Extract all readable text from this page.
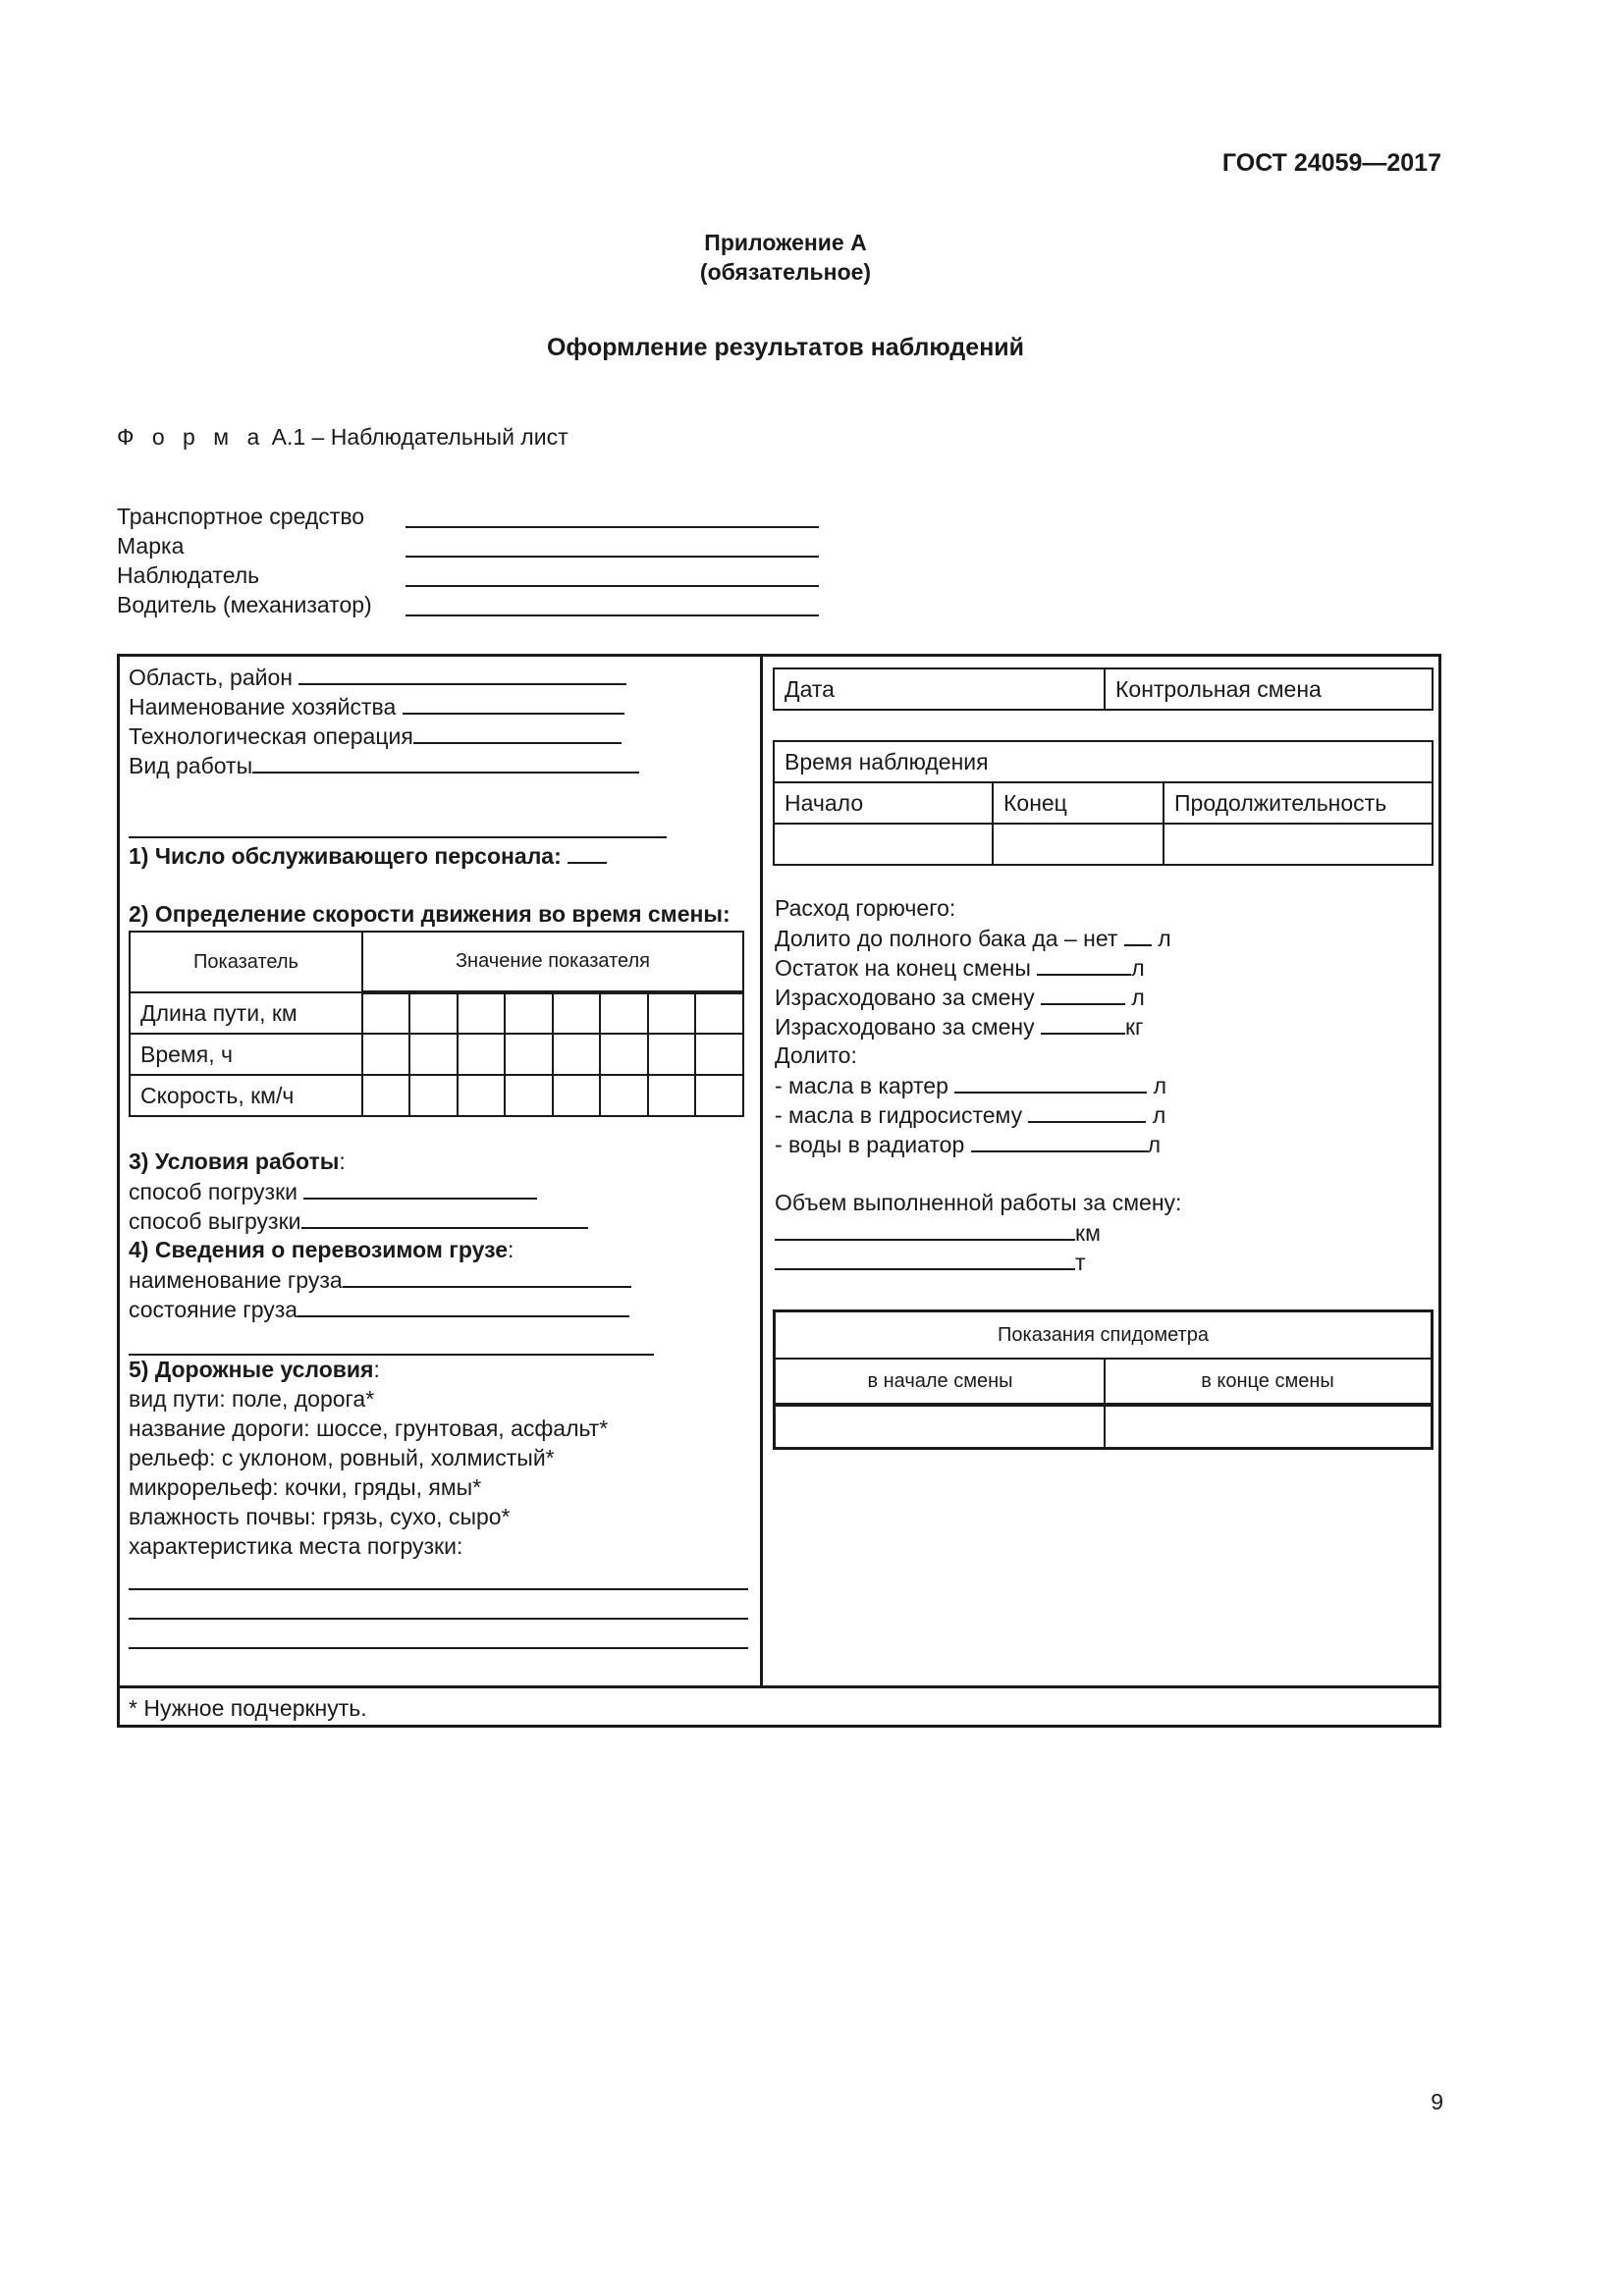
ГОСТ 24059—2017
Приложение А
(обязательное)
Оформление результатов наблюдений
Ф о р м а А.1 – Наблюдательный лист
Транспортное средство
Марка
Наблюдатель
Водитель (механизатор)
* Нужное подчеркнуть.
Область, район
Наименование хозяйства
Технологическая операция
Вид работы
1) Число обслуживающего персонала:
2) Определение скорости движения во время смены:
Показатель	Значение показателя							
Длина пути, км								
Время, ч								
Скорость, км/ч								
3) Условия работы:
способ погрузки
способ выгрузки
4) Сведения о перевозимом грузе:
наименование груза
состояние груза
5) Дорожные условия:
вид пути: поле, дорога*
название дороги: шоссе, грунтовая, асфальт*
рельеф: с уклоном, ровный, холмистый*
микрорельеф: кочки, гряды, ямы*
влажность почвы: грязь, сухо, сыро*
характеристика места погрузки:
Дата	Контрольная смена
Время наблюдения		
Начало	Конец	Продолжительность

Расход горючего:
Долито до полного бака да – нет л
Остаток на конец смены	л
Израсходовано за смену	л
Израсходовано за смену	кг
Долито:
- масла в картер	л
- масла в гидросистему	л
- воды в радиатор	л
Объем выполненной работы за смену:
км
т
Показания спидометра
в начале смены	в конце смены
9
